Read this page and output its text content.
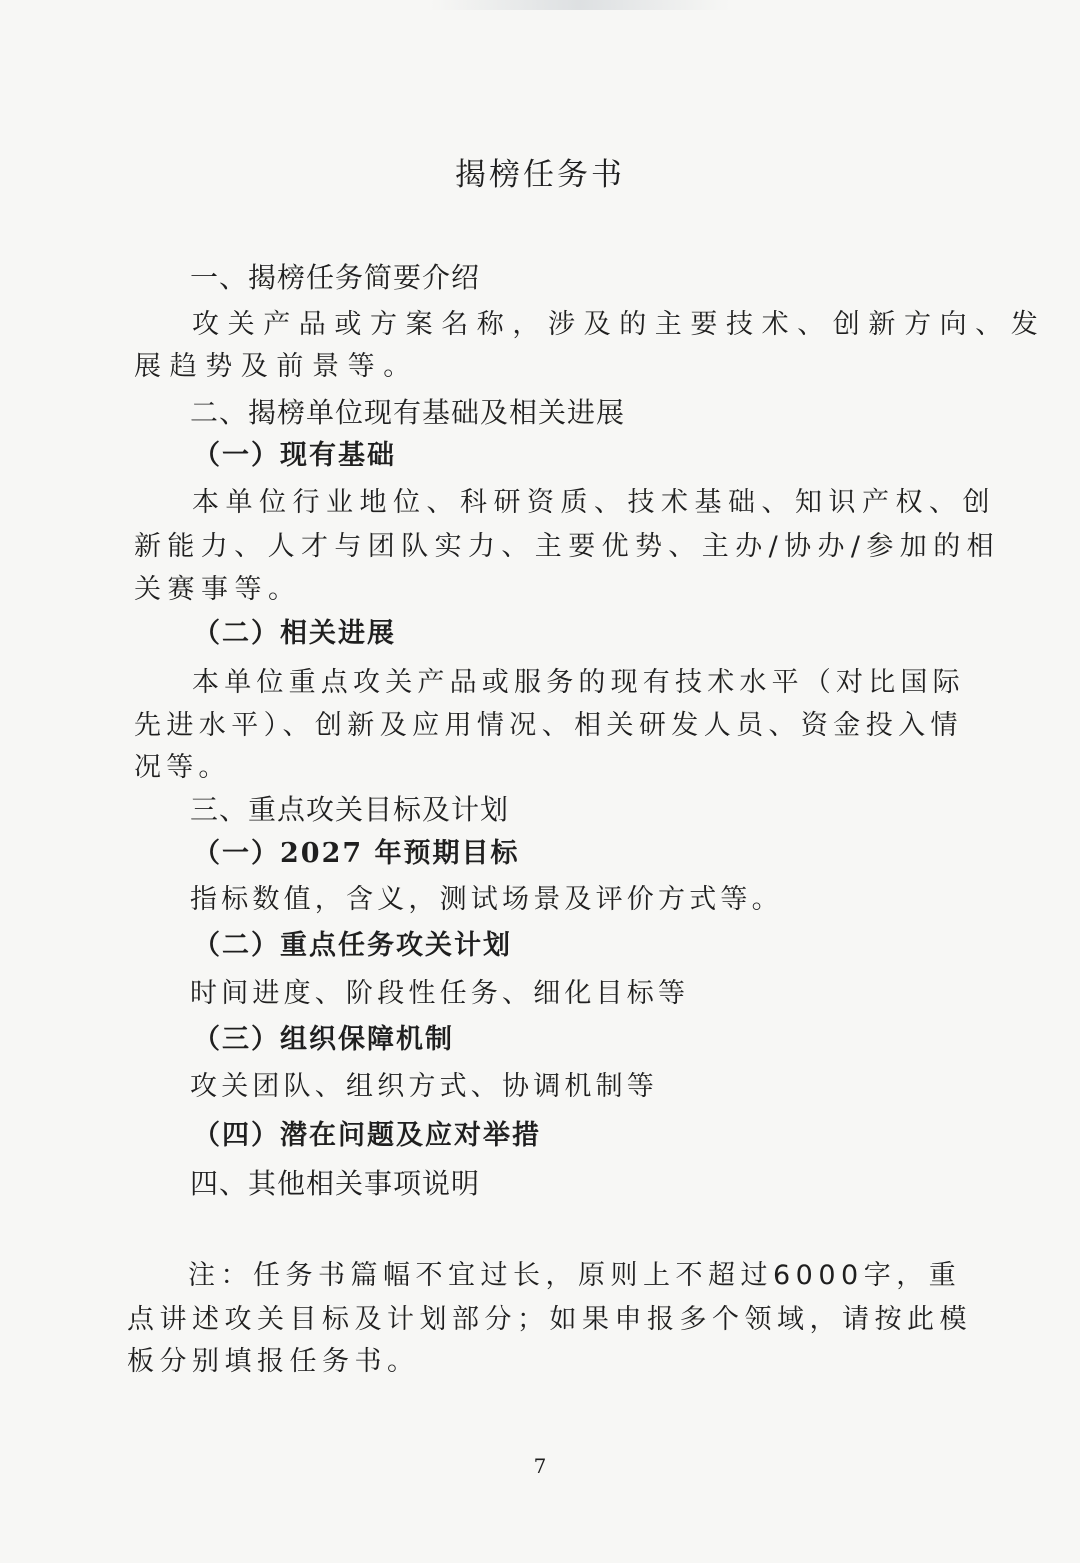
揭榜任务书
一、揭榜任务简要介绍
攻关产品或方案名称，涉及的主要技术、创新方向、发
展趋势及前景等。
二、揭榜单位现有基础及相关进展
（一）现有基础
本单位行业地位、科研资质、技术基础、知识产权、创
新能力、人才与团队实力、主要优势、主办/协办/参加的相
关赛事等。
（二）相关进展
本单位重点攻关产品或服务的现有技术水平（对比国际
先进水平）、创新及应用情况、相关研发人员、资金投入情
况等。
三、重点攻关目标及计划
（一）2027 年预期目标
指标数值，含义，测试场景及评价方式等。
（二）重点任务攻关计划
时间进度、阶段性任务、细化目标等
（三）组织保障机制
攻关团队、组织方式、协调机制等
（四）潜在问题及应对举措
四、其他相关事项说明
注：任务书篇幅不宜过长，原则上不超过6000字，重
点讲述攻关目标及计划部分；如果申报多个领域，请按此模
板分别填报任务书。
7
